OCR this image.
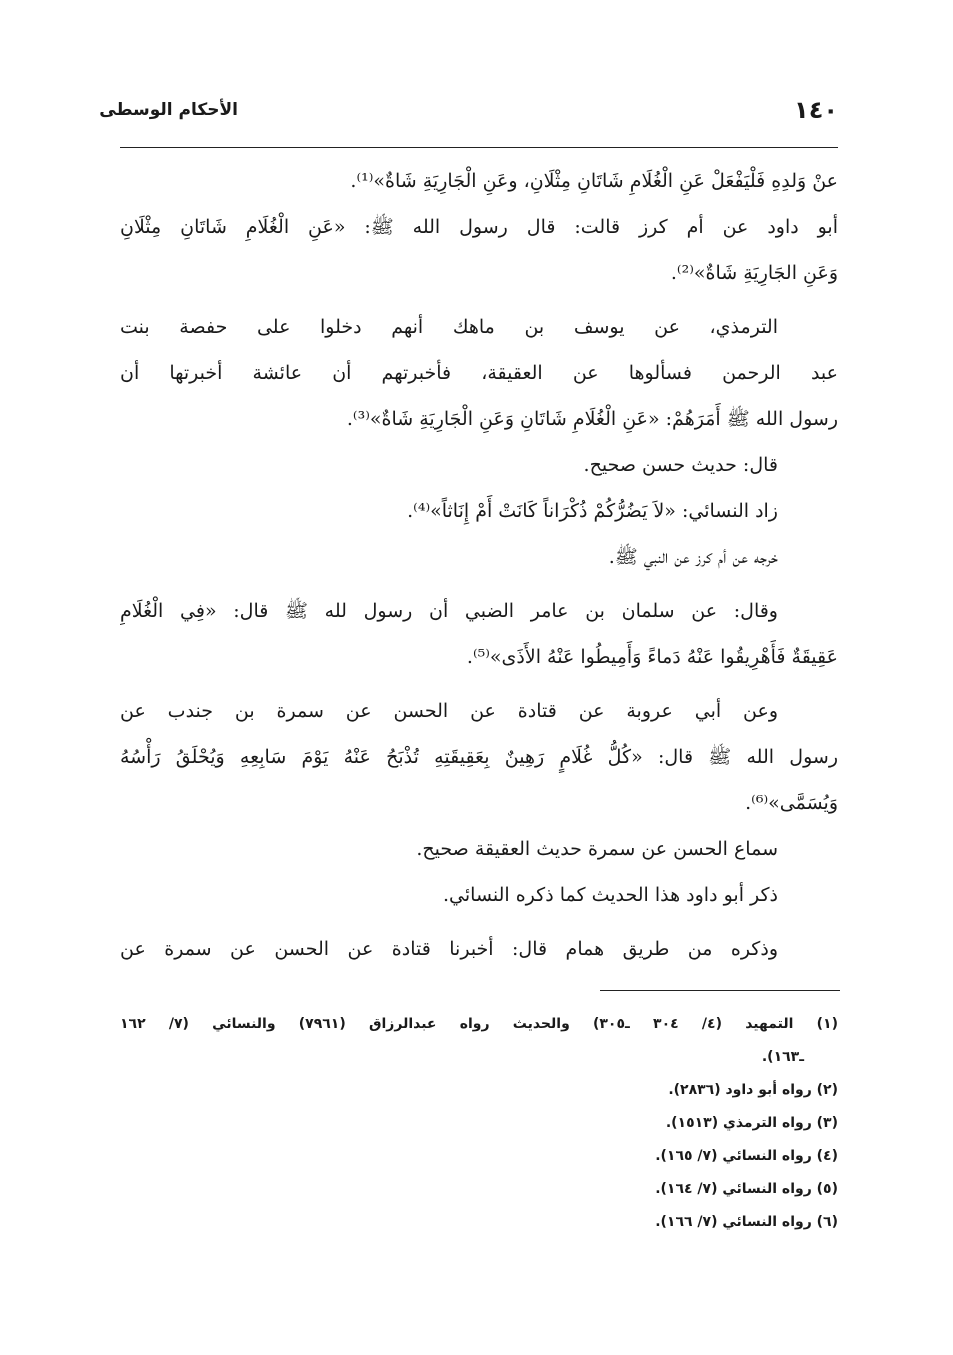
١٤٠
الأحكام الوسطى
عنْ وَلدِهِ فَلْيَفْعَلْ عَنِ الْغُلَامِ شَاتَانِ مِثْلَانِ، وعَنِ الْجَارِيَةِ شَاةٌ»⁽¹⁾.
أبو داود عن أم كرز قالت: قال رسول الله ﷺ: «عَنِ الْغُلَامِ شَاتَانِ مِثْلَانِ
وَعَنِ الجَارِيَةِ شَاةٌ»⁽²⁾.
الترمذي، عن يوسف بن ماهك أنهم دخلوا على حفصة بنت
عبد الرحمن فسألوها عن العقيقة، فأخبرتهم أن عائشة أخبرتها أن
رسول الله ﷺ أَمَرَهُمْ: «عَنِ الْغُلَامِ شَاتَانِ وَعَنِ الْجَارِيَةِ شَاةٌ»⁽³⁾.
قال: حديث حسن صحيح.
زاد النسائي: «لاَ يَضُرُّكُمْ ذُكْرَاناً كَانَتْ أَمْ إِنَاثاً»⁽⁴⁾.
خرجه عن أم كرز عن النبي ﷺ.
وقال: عن سلمان بن عامر الضبي أن رسول لله ﷺ قال: «فِي الْغُلَامِ
عَقِيقَةٌ فَأَهْرِيقُوا عَنْهُ دَماءً وَأَمِيطُوا عَنْهُ الأَذَى»⁽⁵⁾.
وعن أبي عروبة عن قتادة عن الحسن عن سمرة بن جندب عن
رسول الله ﷺ قال: «كُلُّ غُلَامٍ رَهِينٌ بِعَقِيقَتِهِ تُذْبَحُ عَنْهُ يَوْمَ سَابِعِهِ وَيُحْلَقُ رَأْسُهُ
وَيُسَمَّى»⁽⁶⁾.
سماع الحسن عن سمرة حديث العقيقة صحيح.
ذكر أبو داود هذا الحديث كما ذكره النسائي.
وذكره من طريق همام قال: أخبرنا قتادة عن الحسن عن سمرة عن
(١) التمهيد (٤/ ٣٠٤ ـ٣٠٥) والحديث رواه عبدالرزاق (٧٩٦١) والنسائي (٧/ ١٦٢
ـ١٦٣).
(٢) رواه أبو داود (٢٨٣٦).
(٣) رواه الترمذي (١٥١٣).
(٤) رواه النسائي (٧/ ١٦٥).
(٥) رواه النسائي (٧/ ١٦٤).
(٦) رواه النسائي (٧/ ١٦٦).
